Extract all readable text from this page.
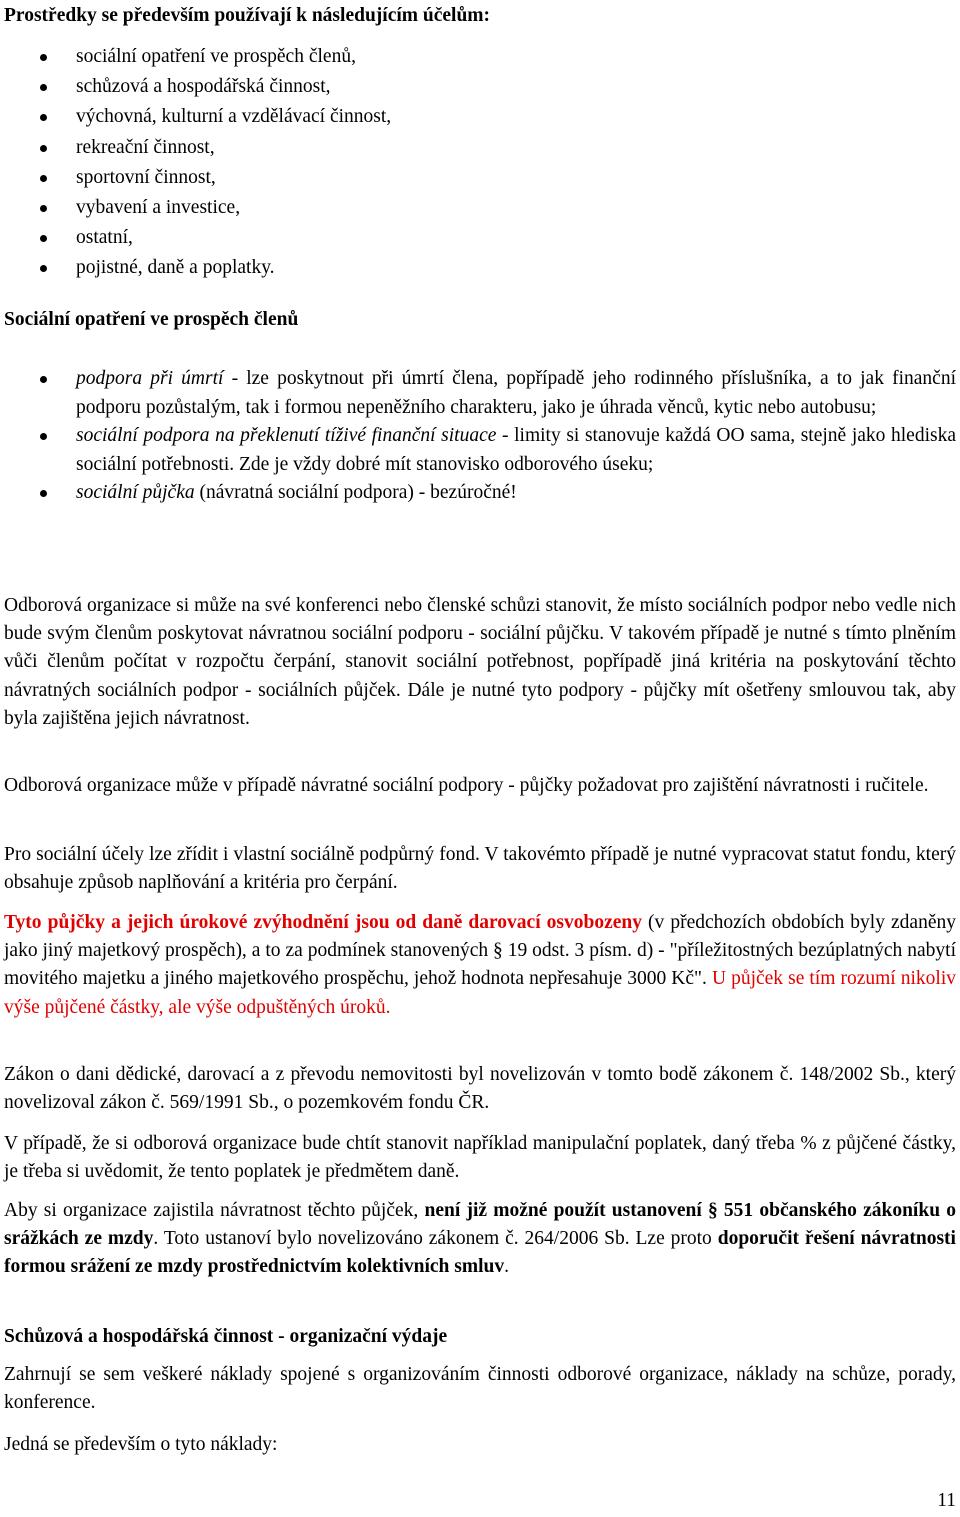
Prostředky se především používají k následujícím účelům:
sociální opatření ve prospěch členů,
schůzová a hospodářská činnost,
výchovná, kulturní a vzdělávací činnost,
rekreační činnost,
sportovní činnost,
vybavení a investice,
ostatní,
pojistné, daně a poplatky.
Sociální opatření ve prospěch členů
podpora při úmrtí - lze poskytnout při úmrtí člena, popřípadě jeho rodinného příslušníka, a to jak finanční podporu pozůstalým, tak i formou nepeněžního charakteru, jako je úhrada věnců, kytic nebo autobusu;
sociální podpora na překlenutí tíživé finanční situace - limity si stanovuje každá OO sama, stejně jako hlediska sociální potřebnosti. Zde je vždy dobré mít stanovisko odborového úseku;
sociální půjčka (návratná sociální podpora) - bezúročné!

Odborová organizace si může na své konferenci nebo členské schůzi stanovit, že místo sociálních podpor nebo vedle nich bude svým členům poskytovat návratnou sociální podporu - sociální půjčku. V takovém případě je nutné s tímto plněním vůči členům počítat v rozpočtu čerpání, stanovit sociální potřebnost, popřípadě jiná kritéria na poskytování těchto návratných sociálních podpor - sociálních půjček. Dále je nutné tyto podpory - půjčky mít ošetřeny smlouvou tak, aby byla zajištěna jejich návratnost.

Odborová organizace může v případě návratné sociální podpory - půjčky požadovat pro zajištění návratnosti i ručitele.

Pro sociální účely lze zřídit i vlastní sociálně podpůrný fond. V takovémto případě je nutné vypracovat statut fondu, který obsahuje způsob naplňování a kritéria pro čerpání.

Tyto půjčky a jejich úrokové zvýhodnění jsou od daně darovací osvobozeny (v předchozích obdobích byly zdaněny jako jiný majetkový prospěch), a to za podmínek stanovených § 19 odst. 3 písm. d) - "příležitostných bezúplatných nabytí movitého majetku a jiného majetkového prospěchu, jehož hodnota nepřesahuje 3000 Kč". U půjček se tím rozumí nikoliv výše půjčené částky, ale výše odpuštěných úroků.

Zákon o dani dědické, darovací a z převodu nemovitosti byl novelizován v tomto bodě zákonem č. 148/2002 Sb., který novelizoval zákon č. 569/1991 Sb., o pozemkovém fondu ČR.

V případě, že si odborová organizace bude chtít stanovit například manipulační poplatek, daný třeba % z půjčené částky, je třeba si uvědomit, že tento poplatek je předmětem daně.

Aby si organizace zajistila návratnost těchto půjček, není již možné použít ustanovení § 551 občanského zákoníku o srážkách ze mzdy. Toto ustanoví bylo novelizováno zákonem č. 264/2006 Sb. Lze proto doporučit řešení návratnosti formou srážení ze mzdy prostřednictvím kolektivních smluv.

Schůzová a hospodářská činnost - organizační výdaje

Zahrnují se sem veškeré náklady spojené s organizováním činnosti odborové organizace, náklady na schůze, porady, konference.

Jedná se především o tyto náklady:

11
